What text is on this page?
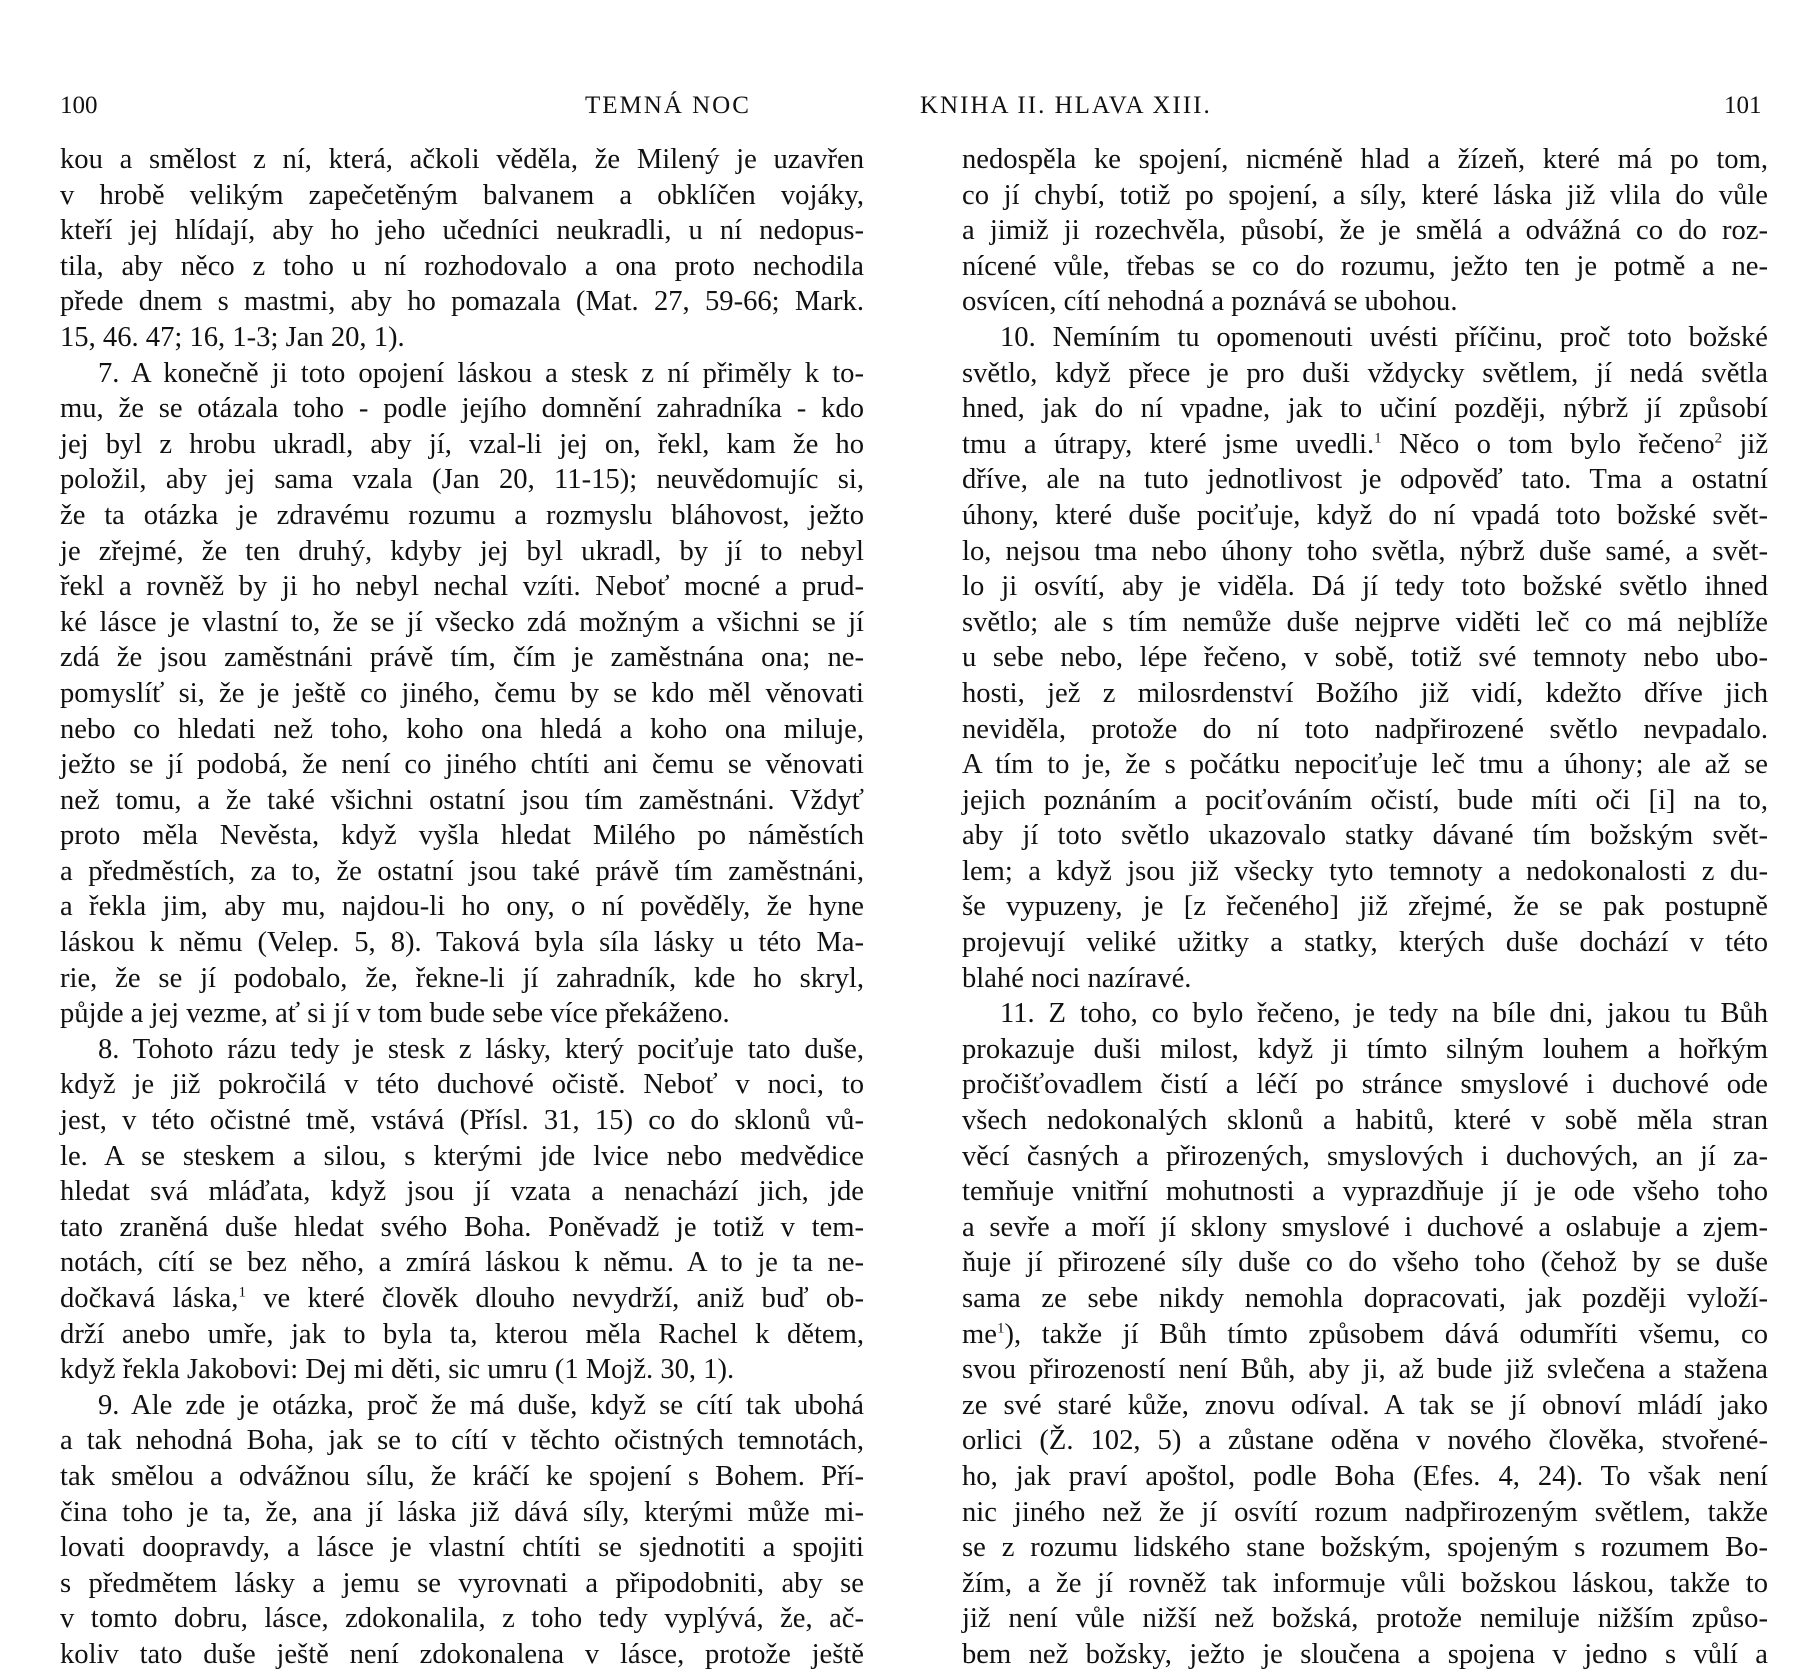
100	TEMNÁ NOC
kou a smělost z ní, která, ačkoli věděla, že Milený je uzavřen
v hrobě velikým zapečetěným balvanem a obklíčen vojáky,
kteří jej hlídají, aby ho jeho učedníci neukradli, u ní nedopus-
tila, aby něco z toho u ní rozhodovalo a ona proto nechodila
přede dnem s mastmi, aby ho pomazala (Mat. 27, 59-66; Mark.
15, 46. 47; 16, 1-3; Jan 20, 1).
7. A konečně ji toto opojení láskou a stesk z ní přiměly k to-
mu, že se otázala toho - podle jejího domnění zahradníka - kdo
jej byl z hrobu ukradl, aby jí, vzal-li jej on, řekl, kam že ho
položil, aby jej sama vzala (Jan 20, 11-15); neuvědomujíc si,
že ta otázka je zdravému rozumu a rozmyslu bláhovost, ježto
je zřejmé, že ten druhý, kdyby jej byl ukradl, by jí to nebyl
řekl a rovněž by ji ho nebyl nechal vzíti. Neboť mocné a prud-
ké lásce je vlastní to, že se jí všecko zdá možným a všichni se jí
zdá že jsou zaměstnáni právě tím, čím je zaměstnána ona; ne-
pomyslíť si, že je ještě co jiného, čemu by se kdo měl věnovati
nebo co hledati než toho, koho ona hledá a koho ona miluje,
ježto se jí podobá, že není co jiného chtíti ani čemu se věnovati
než tomu, a že také všichni ostatní jsou tím zaměstnáni. Vždyť
proto měla Nevěsta, když vyšla hledat Milého po náměstích
a předměstích, za to, že ostatní jsou také právě tím zaměstnáni,
a řekla jim, aby mu, najdou-li ho ony, o ní pověděly, že hyne
láskou k němu (Velep. 5, 8). Taková byla síla lásky u této Ma-
rie, že se jí podobalo, že, řekne-li jí zahradník, kde ho skryl,
půjde a jej vezme, ať si jí v tom bude sebe více překáženo.
8. Tohoto rázu tedy je stesk z lásky, který pociťuje tato duše,
když je již pokročilá v této duchové očistě. Neboť v noci, to
jest, v této očistné tmě, vstává (Přísl. 31, 15) co do sklonů vů-
le. A se steskem a silou, s kterými jde lvice nebo medvědice
hledat svá mláďata, když jsou jí vzata a nenachází jich, jde
tato zraněná duše hledat svého Boha. Poněvadž je totiž v tem-
notách, cítí se bez něho, a zmírá láskou k němu. A to je ta ne-
dočkavá láska,$^1$ ve které člověk dlouho nevydrží, aniž buď ob-
drží anebo umře, jak to byla ta, kterou měla Rachel k dětem,
když řekla Jakobovi: Dej mi děti, sic umru (1 Mojž. 30, 1).
9. Ale zde je otázka, proč že má duše, když se cítí tak ubohá
a tak nehodná Boha, jak se to cítí v těchto očistných temnotách,
tak smělou a odvážnou sílu, že kráčí ke spojení s Bohem. Pří-
čina toho je ta, že, ana jí láska již dává síly, kterými může mi-
lovati doopravdy, a lásce je vlastní chtíti se sjednotiti a spojiti
s předmětem lásky a jemu se vyrovnati a připodobniti, aby se
v tomto dobru, lásce, zdokonalila, z toho tedy vyplývá, že, ač-
koliv tato duše ještě není zdokonalena v lásce, protože ještě
KNIHA II. HLAVA XIII.	101
nedospěla ke spojení, nicméně hlad a žízeň, které má po tom,
co jí chybí, totiž po spojení, a síly, které láska již vlila do vůle
a jimiž ji rozechvěla, působí, že je smělá a odvážná co do roz-
nícené vůle, třebas se co do rozumu, ježto ten je potmě a ne-
osvícen, cítí nehodná a poznává se ubohou.
10. Nemíním tu opomenouti uvésti příčinu, proč toto božské
světlo, když přece je pro duši vždycky světlem, jí nedá světla
hned, jak do ní vpadne, jak to učiní později, nýbrž jí způsobí
tmu a útrapy, které jsme uvedli.$^1$ Něco o tom bylo řečeno$^2$ již
dříve, ale na tuto jednotlivost je odpověď tato. Tma a ostatní
úhony, které duše pociťuje, když do ní vpadá toto božské svět-
lo, nejsou tma nebo úhony toho světla, nýbrž duše samé, a svět-
lo ji osvítí, aby je viděla. Dá jí tedy toto božské světlo ihned
světlo; ale s tím nemůže duše nejprve viděti leč co má nejblíže
u sebe nebo, lépe řečeno, v sobě, totiž své temnoty nebo ubo-
hosti, jež z milosrdenství Božího již vidí, kdežto dříve jich
neviděla, protože do ní toto nadpřirozené světlo nevpadalo.
A tím to je, že s počátku nepociťuje leč tmu a úhony; ale až se
jejich poznáním a pociťováním očistí, bude míti oči [i] na to,
aby jí toto světlo ukazovalo statky dávané tím božským svět-
lem; a když jsou již všecky tyto temnoty a nedokonalosti z du-
še vypuzeny, je [z řečeného] již zřejmé, že se pak postupně
projevují veliké užitky a statky, kterých duše dochází v této
blahé noci nazíravé.
11. Z toho, co bylo řečeno, je tedy na bíle dni, jakou tu Bůh
prokazuje duši milost, když ji tímto silným louhem a hořkým
pročišťovadlem čistí a léčí po stránce smyslové i duchové ode
všech nedokonalých sklonů a habitů, které v sobě měla stran
věcí časných a přirozených, smyslových i duchových, an jí za-
temňuje vnitřní mohutnosti a vyprazdňuje jí je ode všeho toho
a sevře a moří jí sklony smyslové i duchové a oslabuje a zjem-
ňuje jí přirozené síly duše co do všeho toho (čehož by se duše
sama ze sebe nikdy nemohla dopracovati, jak později vyloží-
$me^1$), takže jí Bůh tímto způsobem dává odumříti všemu, co
svou přirozeností není Bůh, aby ji, až bude již svlečena a stažena
ze své staré kůže, znovu odíval. A tak se jí obnoví mládí jako
orlici (Ž. 102, 5) a zůstane oděna v nového člověka, stvořené-
ho, jak praví apoštol, podle Boha (Efes. 4, 24). To však není
nic jiného než že jí osvítí rozum nadpřirozeným světlem, takže
se z rozumu lidského stane božským, spojeným s rozumem Bo-
žím, a že jí rovněž tak informuje vůli božskou láskou, takže to
již není vůle nižší než božská, protože nemiluje nižším způso-
bem než božsky, ježto je sloučena a spojena v jedno s vůlí a
